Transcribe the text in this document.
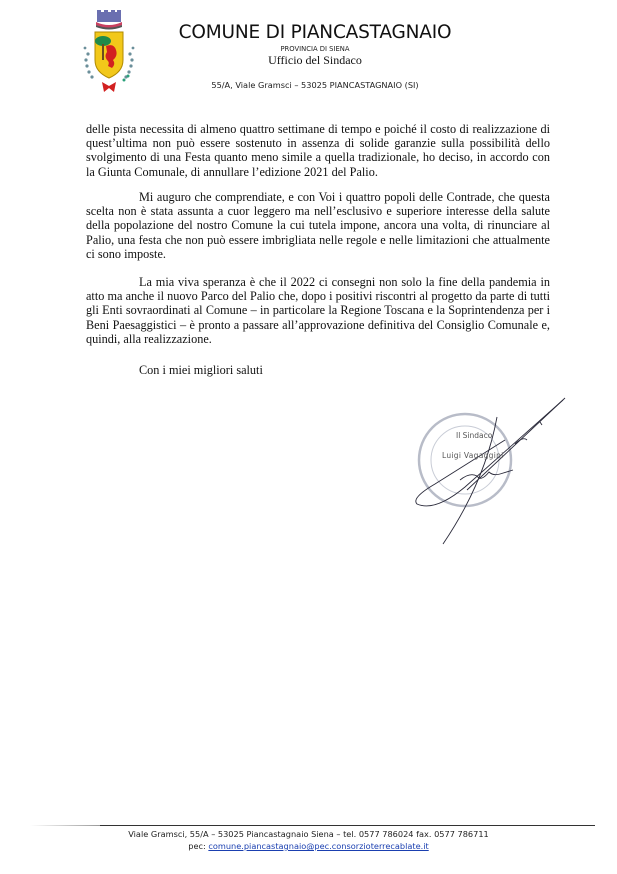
COMUNE DI PIANCASTAGNAIO
PROVINCIA DI SIENA
Ufficio del Sindaco
55/A, Viale Gramsci – 53025 PIANCASTAGNAIO (SI)
delle pista necessita di almeno quattro settimane di tempo e poiché il costo di realizzazione di quest’ultima non può essere sostenuto in assenza di solide garanzie sulla possibilità dello svolgimento di una Festa quanto meno simile a quella tradizionale, ho deciso, in accordo con la Giunta Comunale, di annullare l’edizione 2021 del Palio.
Mi auguro che comprendiate, e con Voi i quattro popoli delle Contrade, che questa scelta non è stata assunta a cuor leggero ma nell’esclusivo e superiore interesse della salute della popolazione del nostro Comune la cui tutela impone, ancora una volta, di rinunciare al Palio, una festa che non può essere imbrigliata nelle regole e nelle limitazioni che attualmente ci sono imposte.
La mia viva speranza è che il 2022 ci consegni non solo la fine della pandemia in atto ma anche il nuovo Parco del Palio che, dopo i positivi riscontri al progetto da parte di tutti gli Enti sovraordinati al Comune – in particolare la Regione Toscana e la Soprintendenza per i Beni Paesaggistici – è pronto a passare all’approvazione definitiva del Consiglio Comunale e, quindi, alla realizzazione.
Con i miei migliori saluti
Il Sindaco
Luigi Vagaggini
Viale Gramsci, 55/A – 53025 Piancastagnaio Siena – tel. 0577 786024 fax. 0577 786711
pec: comune.piancastagnaio@pec.consorzioterrecablate.it
